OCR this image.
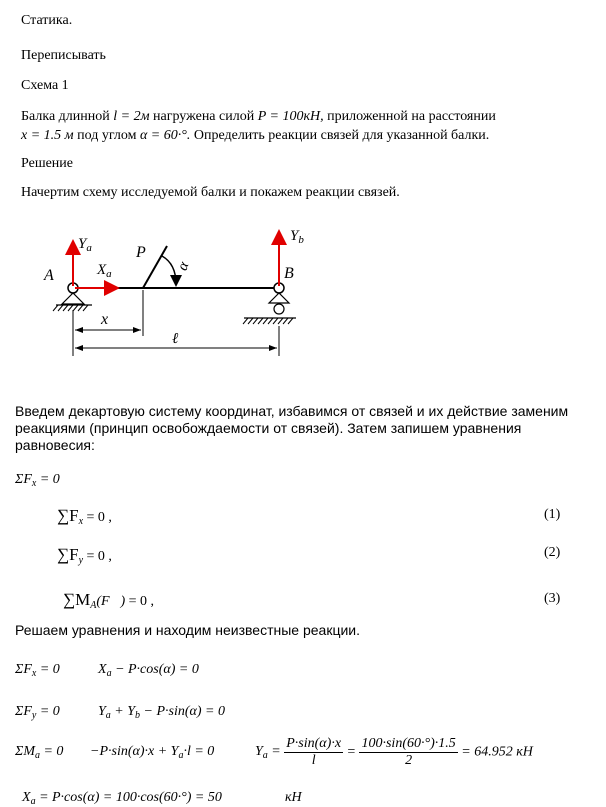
Статика.
Переписывать
Схема 1
Балка длинной l = 2м нагружена силой P = 100кН, приложенной на расстоянии
x = 1.5 м под углом α = 60·°. Определить реакции связей для указанной балки.
Решение
Начертим схему исследуемой балки и покажем реакции связей.
$Y_a$
$X_a$
$Y_b$
A	B
P
α
x
ℓ
Введем декартовую систему координат, избавимся от связей и их действие заменим реакциями (принцип освобождаемости от связей). Затем запишем уравнения равновесия:
$\Sigma F_x = 0$
$\sum F_x = 0$ ,	(1)
$\sum F_y = 0$ ,	(2)
$\sum M_A(F⃗) = 0$ ,	(3)
Решаем уравнения и находим неизвестные реакции.
$\Sigma F_x = 0$	$X_a - P\cdot\cos(\alpha) = 0$
$\Sigma F_y = 0$	$Y_a + Y_b - P\cdot\sin(\alpha) = 0$
$\Sigma M_a = 0 -P\cdot\sin(\alpha)\cdot x + Y_a\cdot l = 0$	$Y_a = \frac{P\cdot\sin(\alpha)\cdot x}{l} = \frac{100\cdot\sin(60\cdot^\circ)\cdot 1.5}{2} = 64.952$ кН
$X_a = P\cdot\cos(\alpha) = 100\cdot\cos(60\cdot^\circ) = 50$	кН
